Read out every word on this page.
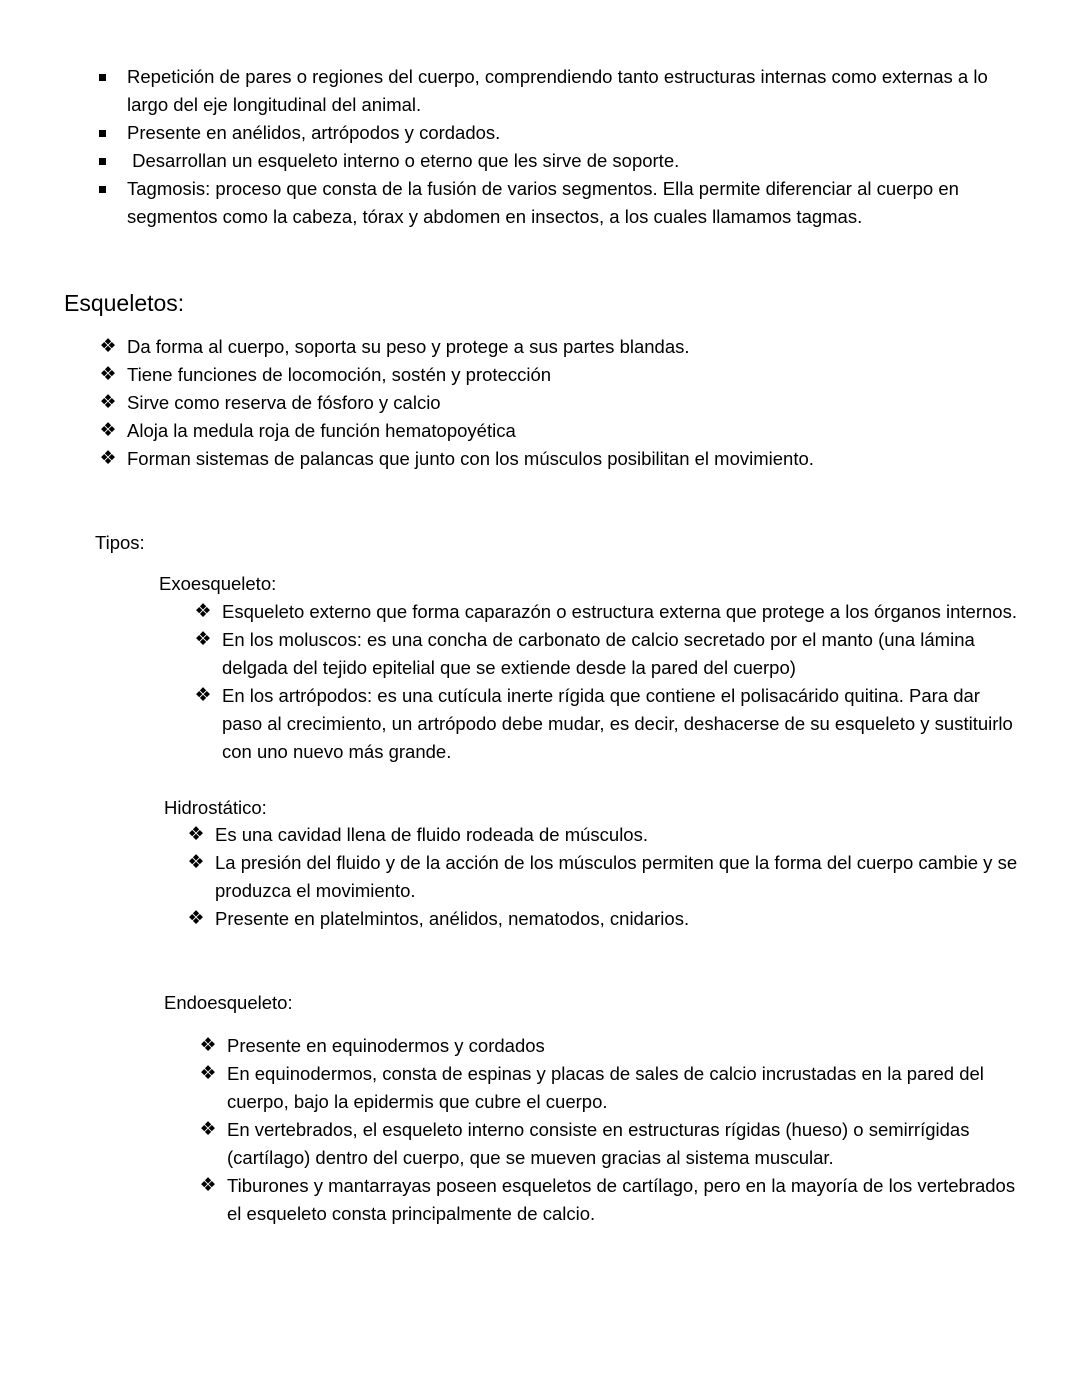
Repetición de pares o regiones del cuerpo, comprendiendo tanto estructuras internas como externas a lo largo del eje longitudinal del animal.
Presente en anélidos, artrópodos y cordados.
Desarrollan un esqueleto interno o eterno que les sirve de soporte.
Tagmosis: proceso que consta de la fusión de varios segmentos. Ella permite diferenciar al cuerpo en segmentos como la cabeza, tórax y abdomen en insectos, a los cuales llamamos tagmas.
Esqueletos:
❖ Da forma al cuerpo, soporta su peso y protege a sus partes blandas.
❖ Tiene funciones de locomoción, sostén y protección
❖ Sirve como reserva de fósforo y calcio
❖ Aloja la medula roja de función hematopoyética
❖ Forman sistemas de palancas que junto con los músculos posibilitan el movimiento.
Tipos:
Exoesqueleto:
❖ Esqueleto externo que forma caparazón o estructura externa que protege a los órganos internos.
❖ En los moluscos: es una concha de carbonato de calcio secretado por el manto (una lámina delgada del tejido epitelial que se extiende desde la pared del cuerpo)
❖ En los artrópodos: es una cutícula inerte rígida que contiene el polisacárido quitina. Para dar paso al crecimiento, un artrópodo debe mudar, es decir, deshacerse de su esqueleto y sustituirlo con uno nuevo más grande.
Hidrostático:
❖ Es una cavidad llena de fluido rodeada de músculos.
❖ La presión del fluido y de la acción de los músculos permiten que la forma del cuerpo cambie y se produzca el movimiento.
❖ Presente en platelmintos, anélidos, nematodos, cnidarios.
Endoesqueleto:
❖ Presente en equinodermos y cordados
❖ En equinodermos, consta de espinas y placas de sales de calcio incrustadas en la pared del cuerpo, bajo la epidermis que cubre el cuerpo.
❖ En vertebrados, el esqueleto interno consiste en estructuras rígidas (hueso) o semirrígidas (cartílago) dentro del cuerpo, que se mueven gracias al sistema muscular.
❖ Tiburones y mantarrayas poseen esqueletos de cartílago, pero en la mayoría de los vertebrados el esqueleto consta principalmente de calcio.
